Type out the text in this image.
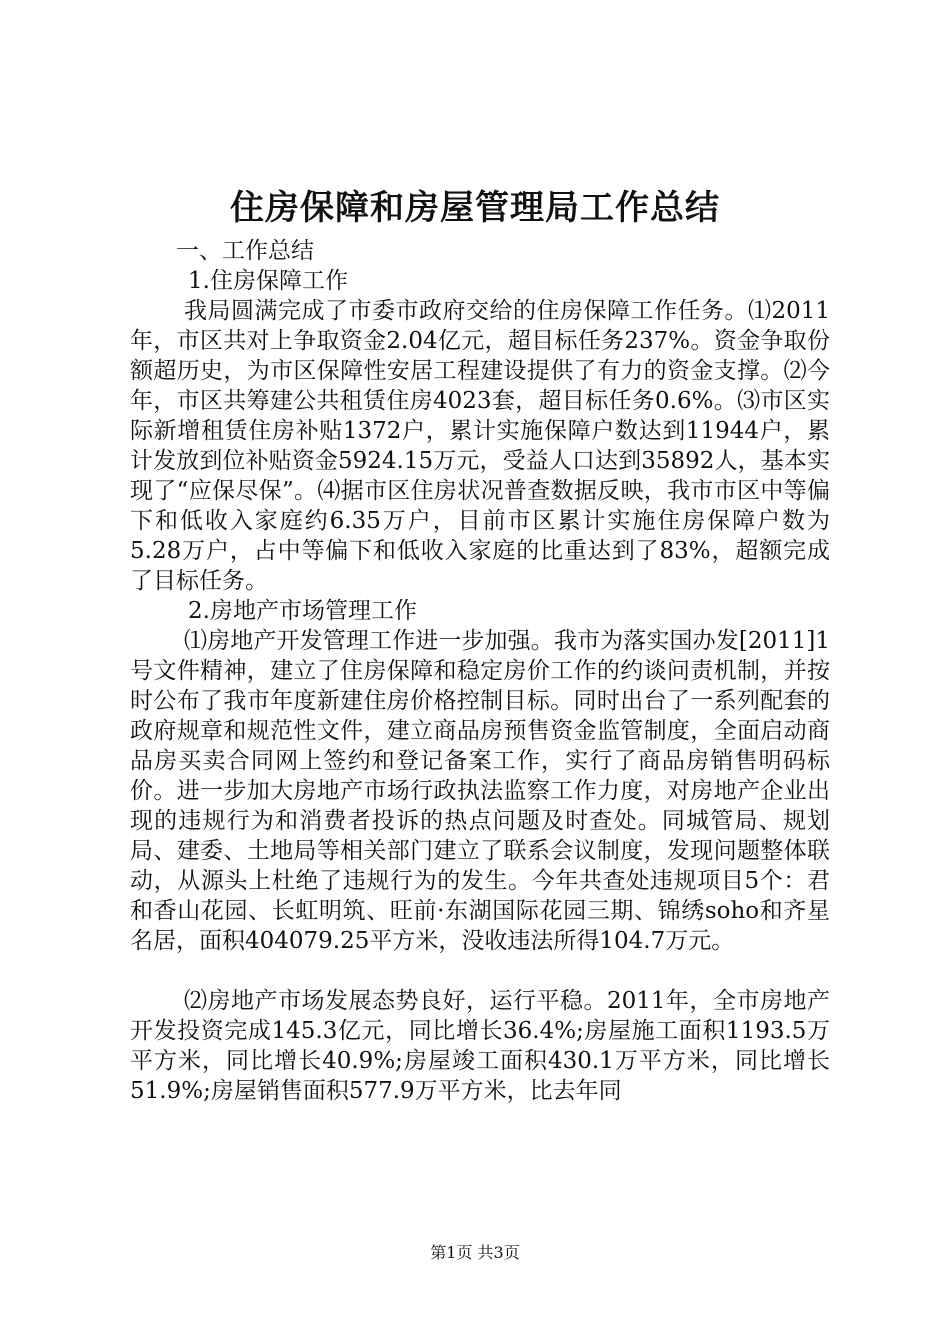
住房保障和房屋管理局工作总结

一、工作总结

1.住房保障工作

我局圆满完成了市委市政府交给的住房保障工作任务。⑴2011年，市区共对上争取资金2.04亿元，超目标任务237%。资金争取份额超历史，为市区保障性安居工程建设提供了有力的资金支撑。⑵今年，市区共筹建公共租赁住房4023套，超目标任务0.6%。⑶市区实际新增租赁住房补贴1372户，累计实施保障户数达到11944户，累计发放到位补贴资金5924.15万元，受益人口达到35892人，基本实现了“应保尽保”。⑷据市区住房状况普查数据反映，我市市区中等偏下和低收入家庭约6.35万户，目前市区累计实施住房保障户数为5.28万户，占中等偏下和低收入家庭的比重达到了83%，超额完成了目标任务。

2.房地产市场管理工作

⑴房地产开发管理工作进一步加强。我市为落实国办发[2011]1号文件精神，建立了住房保障和稳定房价工作的约谈问责机制，并按时公布了我市年度新建住房价格控制目标。同时出台了一系列配套的政府规章和规范性文件，建立商品房预售资金监管制度，全面启动商品房买卖合同网上签约和登记备案工作，实行了商品房销售明码标价。进一步加大房地产市场行政执法监察工作力度，对房地产企业出现的违规行为和消费者投诉的热点问题及时查处。同城管局、规划局、建委、土地局等相关部门建立了联系会议制度，发现问题整体联动，从源头上杜绝了违规行为的发生。今年共查处违规项目5个：君和香山花园、长虹明筑、旺前·东湖国际花园三期、锦绣soho和齐星名居，面积404079.25平方米，没收违法所得104.7万元。

⑵房地产市场发展态势良好，运行平稳。2011年，全市房地产开发投资完成145.3亿元，同比增长36.4%;房屋施工面积1193.5万平方米，同比增长40.9%;房屋竣工面积430.1万平方米，同比增长51.9%;房屋销售面积577.9万平方米，比去年同

第1页 共3页
